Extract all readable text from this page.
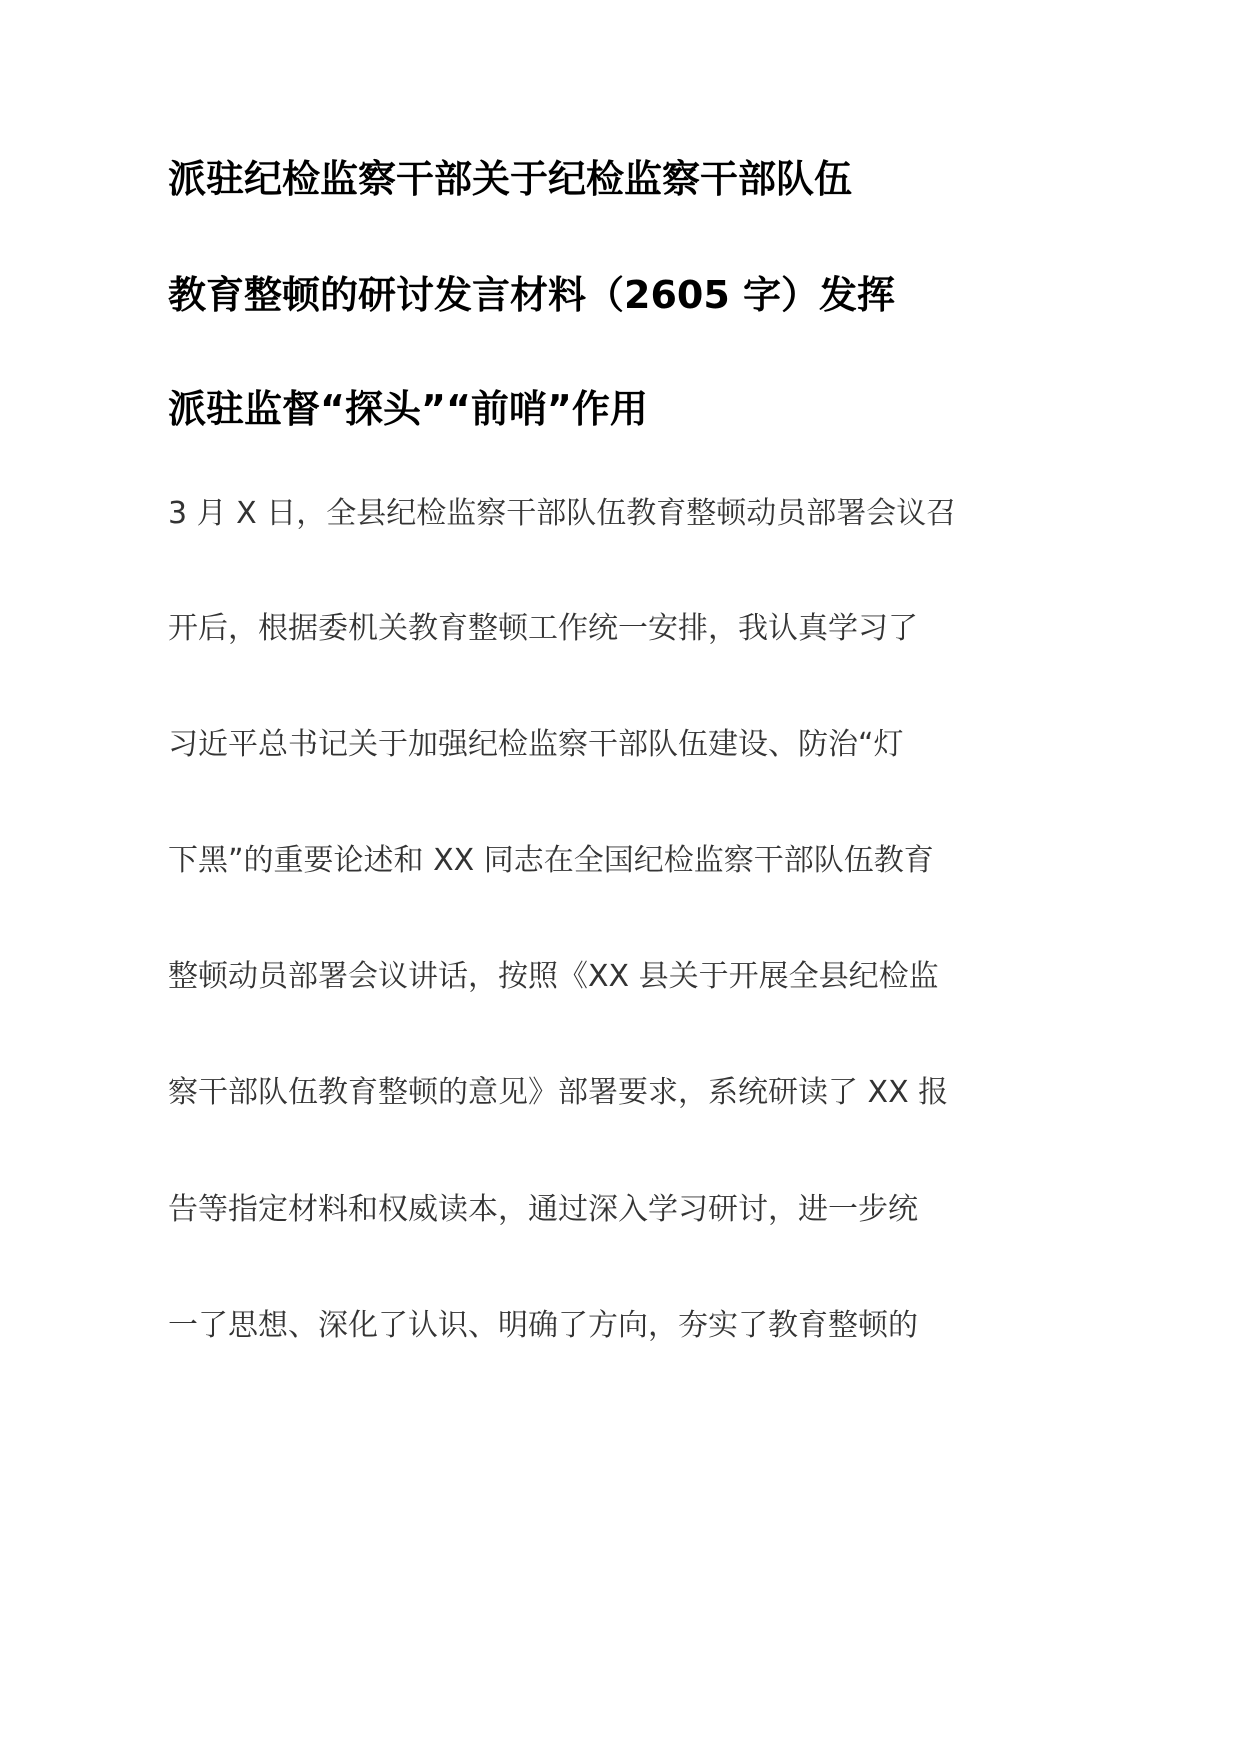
派驻纪检监察干部关于纪检监察干部队伍
教育整顿的研讨发言材料（2605 字）发挥
派驻监督“探头”“前哨”作用
3 月 X 日，全县纪检监察干部队伍教育整顿动员部署会议召
开后，根据委机关教育整顿工作统一安排，我认真学习了
习近平总书记关于加强纪检监察干部队伍建设、防治“灯
下黑”的重要论述和 XX 同志在全国纪检监察干部队伍教育
整顿动员部署会议讲话，按照《XX 县关于开展全县纪检监
察干部队伍教育整顿的意见》部署要求，系统研读了 XX 报
告等指定材料和权威读本，通过深入学习研讨，进一步统
一了思想、深化了认识、明确了方向，夯实了教育整顿的
